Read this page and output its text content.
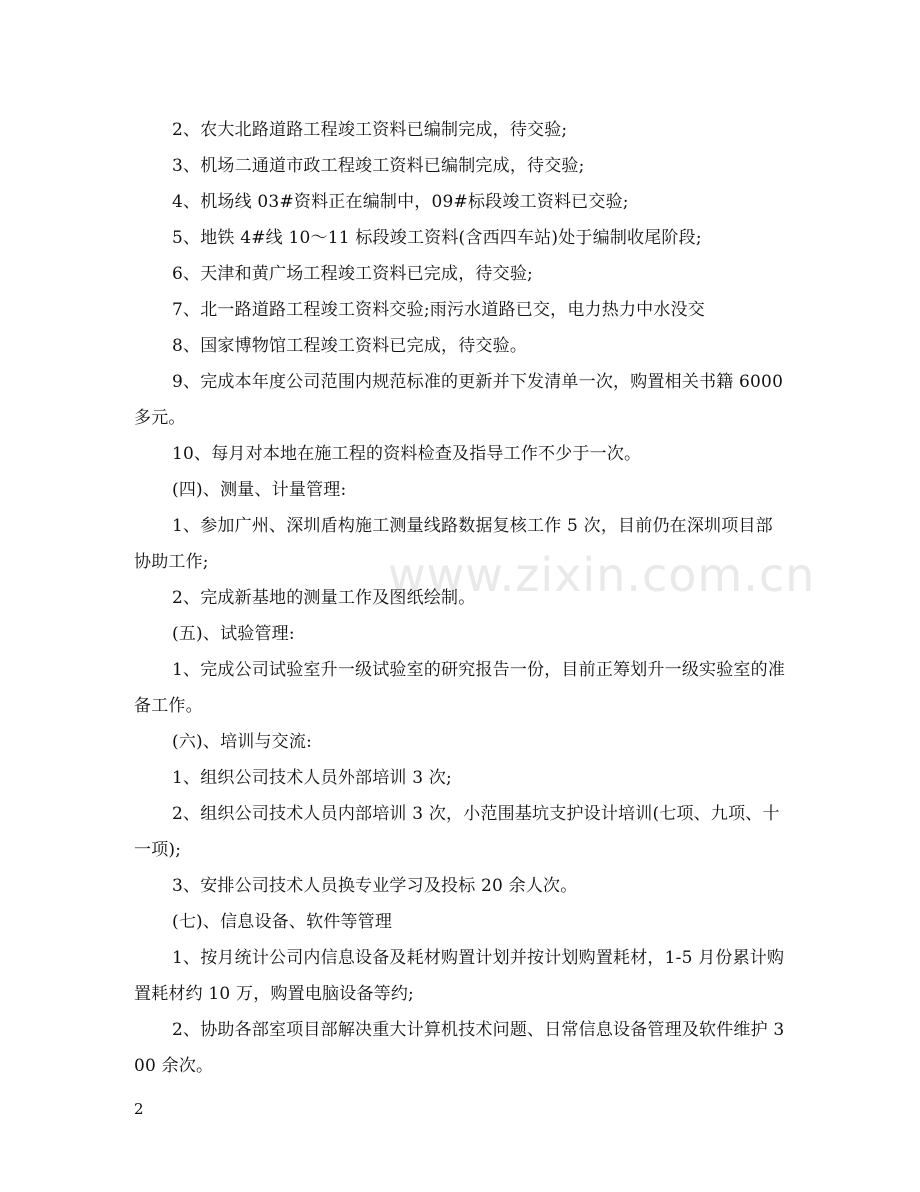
www.zixin.com.cn

2、农大北路道路工程竣工资料已编制完成，待交验;

3、机场二通道市政工程竣工资料已编制完成，待交验;

4、机场线 03#资料正在编制中，09#标段竣工资料已交验;

5、地铁 4#线 10～11 标段竣工资料(含西四车站)处于编制收尾阶段;

6、天津和黄广场工程竣工资料已完成，待交验;

7、北一路道路工程竣工资料交验;雨污水道路已交，电力热力中水没交

8、国家博物馆工程竣工资料已完成，待交验。

9、完成本年度公司范围内规范标准的更新并下发清单一次，购置相关书籍 6000 多元。

10、每月对本地在施工程的资料检查及指导工作不少于一次。

(四)、测量、计量管理:

1、参加广州、深圳盾构施工测量线路数据复核工作 5 次，目前仍在深圳项目部协助工作;

2、完成新基地的测量工作及图纸绘制。

(五)、试验管理:

1、完成公司试验室升一级试验室的研究报告一份，目前正筹划升一级实验室的准备工作。

(六)、培训与交流:

1、组织公司技术人员外部培训 3 次;

2、组织公司技术人员内部培训 3 次，小范围基坑支护设计培训(七项、九项、十一项);

3、安排公司技术人员换专业学习及投标 20 余人次。

(七)、信息设备、软件等管理

1、按月统计公司内信息设备及耗材购置计划并按计划购置耗材，1-5 月份累计购置耗材约 10 万，购置电脑设备等约;

2、协助各部室项目部解决重大计算机技术问题、日常信息设备管理及软件维护 300 余次。

2
